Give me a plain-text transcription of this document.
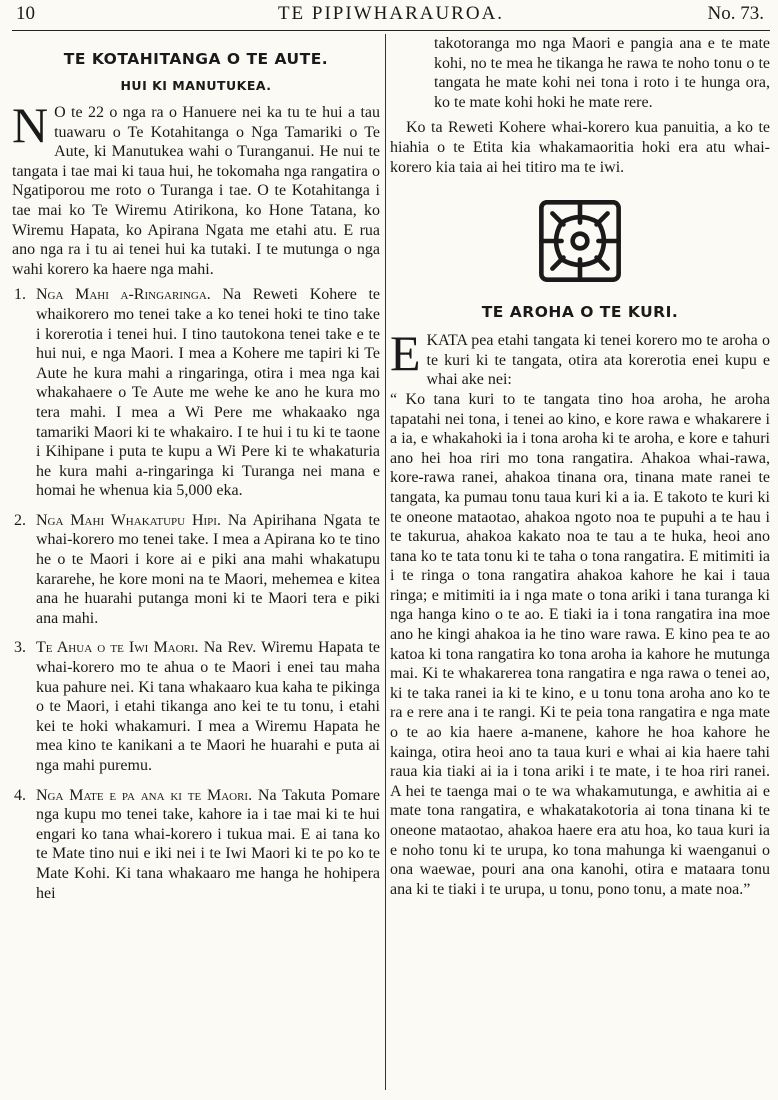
10	TE PIPIWHARAUROA.	No. 73.
TE KOTAHITANGA O TE AUTE.
HUI KI MANUTUKEA.

N O te 22 o nga ra o Hanuere nei ka tu te hui a tau tuawaru o Te Kotahitanga o Nga Tamariki o Te Aute, ki Manutukea wahi o Turanganui. He nui te tangata i tae mai ki taua hui, he tokomaha nga rangatira o Ngatiporou me roto o Turanga i tae. O te Kotahitanga i tae mai ko Te Wiremu Atirikona, ko Hone Tatana, ko Wiremu Hapata, ko Apirana Ngata me etahi atu. E rua ano nga ra i tu ai tenei hui ka tutaki. I te mutunga o nga wahi korero ka haere nga mahi.

1. Nga Mahi a-Ringaringa. Na Reweti Kohere te whaikorero mo tenei take a ko tenei hoki te tino take i korerotia i tenei hui. I tino tautokona tenei take e te hui nui, e nga Maori. I mea a Kohere me tapiri ki Te Aute he kura mahi a ringaringa, otira i mea nga kai whakahaere o Te Aute me wehe ke ano he kura mo tera mahi. I mea a Wi Pere me whakaako nga tamariki Maori ki te whakairo. I te hui i tu ki te taone i Kihipane i puta te kupu a Wi Pere ki te whakaturia he kura mahi a-ringaringa ki Turanga nei mana e homai he whenua kia 5,000 eka.

2. Nga Mahi Whakatupu Hipi. Na Apirihana Ngata te whai-korero mo tenei take. I mea a Apirana ko te tino he o te Maori i kore ai e piki ana mahi whakatupu kararehe, he kore moni na te Maori, mehemea e kitea ana he huarahi putanga moni ki te Maori tera e piki ana mahi.

3. Te Ahua o te Iwi Maori. Na Rev. Wiremu Hapata te whai-korero mo te ahua o te Maori i enei tau maha kua pahure nei. Ki tana whakaaro kua kaha te pikinga o te Maori, i etahi tikanga ano kei te tu tonu, i etahi kei te hoki whakamuri. I mea a Wiremu Hapata he mea kino te kanikani a te Maori he huarahi e puta ai nga mahi puremu.

4. Nga Mate e pa ana ki te Maori. Na Takuta Pomare nga kupu mo tenei take, kahore ia i tae mai ki te hui engari ko tana whai-korero i tukua mai. E ai tana ko te Mate tino nui e iki nei i te Iwi Maori ki te po ko te Mate Kohi. Ki tana whakaaro me hanga he hohipera hei

takotoranga mo nga Maori e pangia ana e te mate kohi, no te mea he tikanga he rawa te noho tonu o te tangata he mate kohi nei tona i roto i te hunga ora, ko te mate kohi hoki he mate rere.

Ko ta Reweti Kohere whai-korero kua panuitia, a ko te hiahia o te Etita kia whakamaoritia hoki era atu whai-korero kia taia ai hei titiro ma te iwi.

TE AROHA O TE KURI.

EKATA pea etahi tangata ki tenei korero mo te aroha o te kuri ki te tangata, otira ata korerotia enei kupu e whai ake nei:

“ Ko tana kuri to te tangata tino hoa aroha, he aroha tapatahi nei tona, i tenei ao kino, e kore rawa e whakarere i a ia, e whakahoki ia i tona aroha ki te aroha, e kore e tahuri ano hei hoa riri mo tona rangatira. Ahakoa whai-rawa, kore-rawa ranei, ahakoa tinana ora, tinana mate ranei te tangata, ka pumau tonu taua kuri ki a ia. E takoto te kuri ki te oneone mataotao, ahakoa ngoto noa te pupuhi a te hau i te takurua, ahakoa kakato noa te tau a te huka, heoi ano tana ko te tata tonu ki te taha o tona rangatira. E mitimiti ia i te ringa o tona rangatira ahakoa kahore he kai i taua ringa; e mitimiti ia i nga mate o tona ariki i tana turanga ki nga hanga kino o te ao. E tiaki ia i tona rangatira ina moe ano he kingi ahakoa ia he tino ware rawa. E kino pea te ao katoa ki tona rangatira ko tona aroha ia kahore he mutunga mai. Ki te whakarerea tona rangatira e nga rawa o tenei ao, ki te taka ranei ia ki te kino, e u tonu tona aroha ano ko te ra e rere ana i te rangi. Ki te peia tona rangatira e nga mate o te ao kia haere a-manene, kahore he hoa kahore he kainga, otira heoi ano ta taua kuri e whai ai kia haere tahi raua kia tiaki ai ia i tona ariki i te mate, i te hoa riri ranei. A hei te taenga mai o te wa whakamutunga, e awhitia ai e mate tona rangatira, e whakatakotoria ai tona tinana ki te oneone mataotao, ahakoa haere era atu hoa, ko taua kuri ia e noho tonu ki te urupa, ko tona mahunga ki waenganui o ona waewae, pouri ana ona kanohi, otira e mataara tonu ana ki te tiaki i te urupa, u tonu, pono tonu, a mate noa.”
